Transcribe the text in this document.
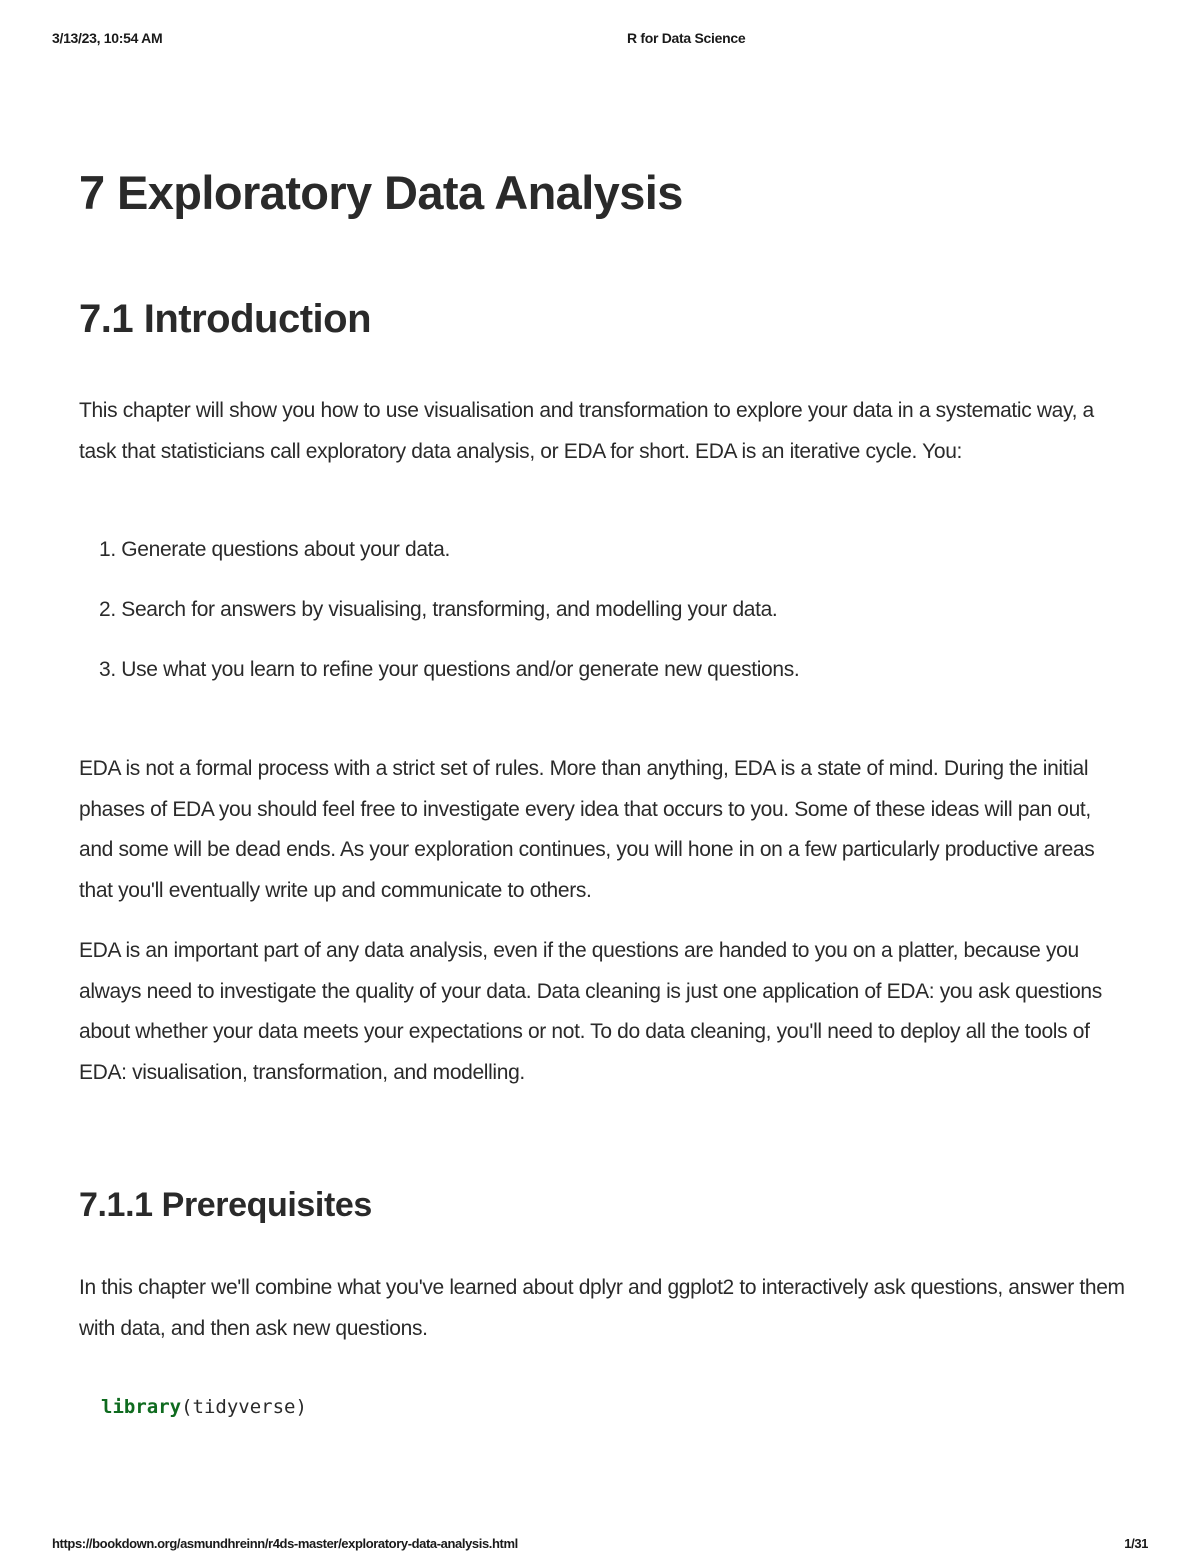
3/13/23, 10:54 AM	R for Data Science
7 Exploratory Data Analysis
7.1 Introduction

This chapter will show you how to use visualisation and transformation to explore your data in a systematic way, a task that statisticians call exploratory data analysis, or EDA for short. EDA is an iterative cycle. You:

1. Generate questions about your data.
2. Search for answers by visualising, transforming, and modelling your data.
3. Use what you learn to refine your questions and/or generate new questions.

EDA is not a formal process with a strict set of rules. More than anything, EDA is a state of mind. During the initial phases of EDA you should feel free to investigate every idea that occurs to you. Some of these ideas will pan out, and some will be dead ends. As your exploration continues, you will hone in on a few particularly productive areas that you'll eventually write up and communicate to others.

EDA is an important part of any data analysis, even if the questions are handed to you on a platter, because you always need to investigate the quality of your data. Data cleaning is just one application of EDA: you ask questions about whether your data meets your expectations or not. To do data cleaning, you'll need to deploy all the tools of EDA: visualisation, transformation, and modelling.

7.1.1 Prerequisites

In this chapter we'll combine what you've learned about dplyr and ggplot2 to interactively ask questions, answer them with data, and then ask new questions.

library(tidyverse)
https://bookdown.org/asmundhreinn/r4ds-master/exploratory-data-analysis.html	1/31
